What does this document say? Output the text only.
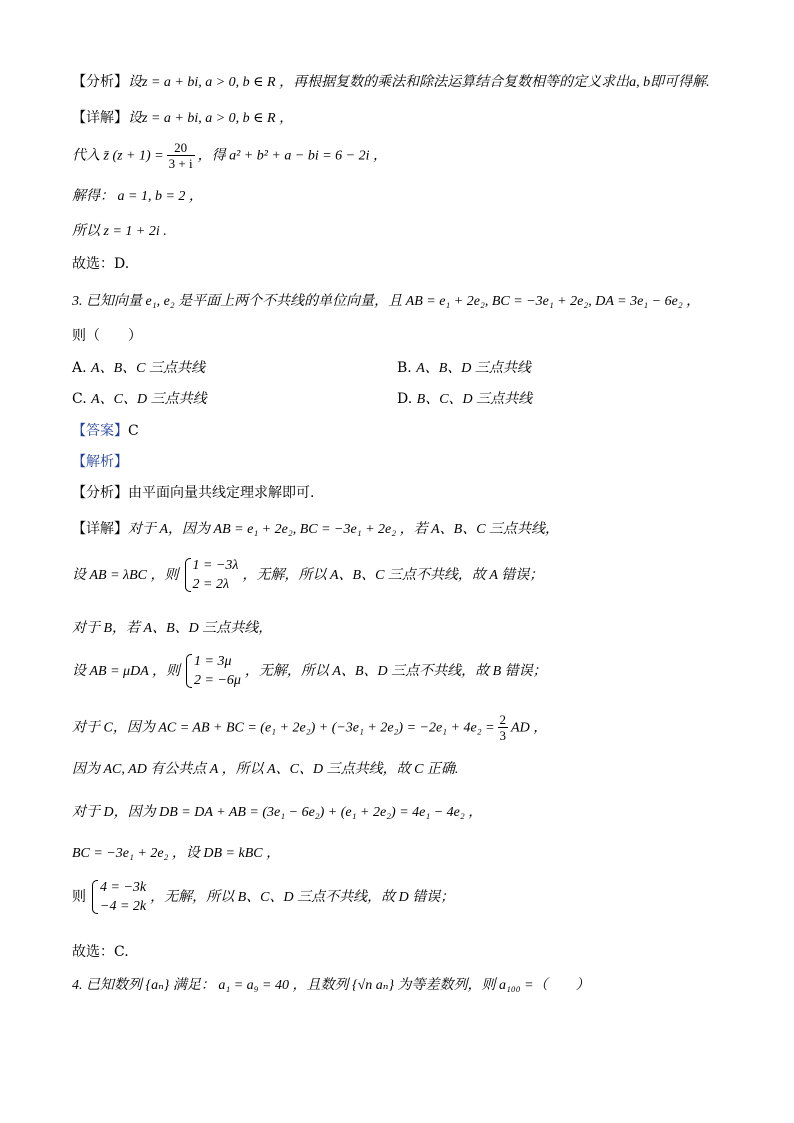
【分析】设z = a + bi, a > 0, b ∈ R ，再根据复数的乘法和除法运算结合复数相等的定义求出a, b即可得解.
【详解】设z = a + bi, a > 0, b ∈ R ，
代入 z̄ $(z + 1) = \frac{20}{3 + i}$ ，得 a² + b² + a − bi = 6 − 2i ，
解得： a = 1, b = 2 ，
所以 z = 1 + 2i .
故选：D.
3. 已知向量 e₁, e₂ 是平面上两个不共线的单位向量，且 AB = e₁ + 2e₂, BC = −3e₁ + 2e₂, DA = 3e₁ − 6e₂ ，
则（　　）
A. A、B、C 三点共线	B. A、B、D 三点共线
C. A、C、D 三点共线	D. B、C、D 三点共线
【答案】C
【解析】
【分析】由平面向量共线定理求解即可.
【详解】对于 A，因为 AB = e₁ + 2e₂, BC = −3e₁ + 2e₂ ，若 A、B、C 三点共线，
设 AB = λBC ，则
1 = −3λ
2 = 2λ
，无解，所以 A、B、C 三点不共线，故 A 错误；
对于 B，若 A、B、D 三点共线，
设 AB = μDA ，则
1 = 3μ
2 = −6μ
，无解，所以 A、B、D 三点不共线，故 B 错误；
对于 C，因为 AC = AB + BC = $(e_1 + 2e_2) + (-3e_1 + 2e_2) = -2e_1 + 4e_2 = \frac{2}{3}$ AD ，
因为 AC, AD 有公共点 A ，所以 A、C、D 三点共线，故 C 正确.
对于 D，因为 DB = DA + AB = (3e₁ − 6e₂) + (e₁ + 2e₂) = 4e₁ − 4e₂ ，
BC = −3e₁ + 2e₂ ，设 DB = kBC ，
则
4 = −3k
−4 = 2k
，无解，所以 B、C、D 三点不共线，故 D 错误；
故选：C.
4. 已知数列 {aₙ} 满足： a₁ = a₉ = 40 ，且数列 {√n aₙ} 为等差数列，则 a₁₀₀ =（　　）
